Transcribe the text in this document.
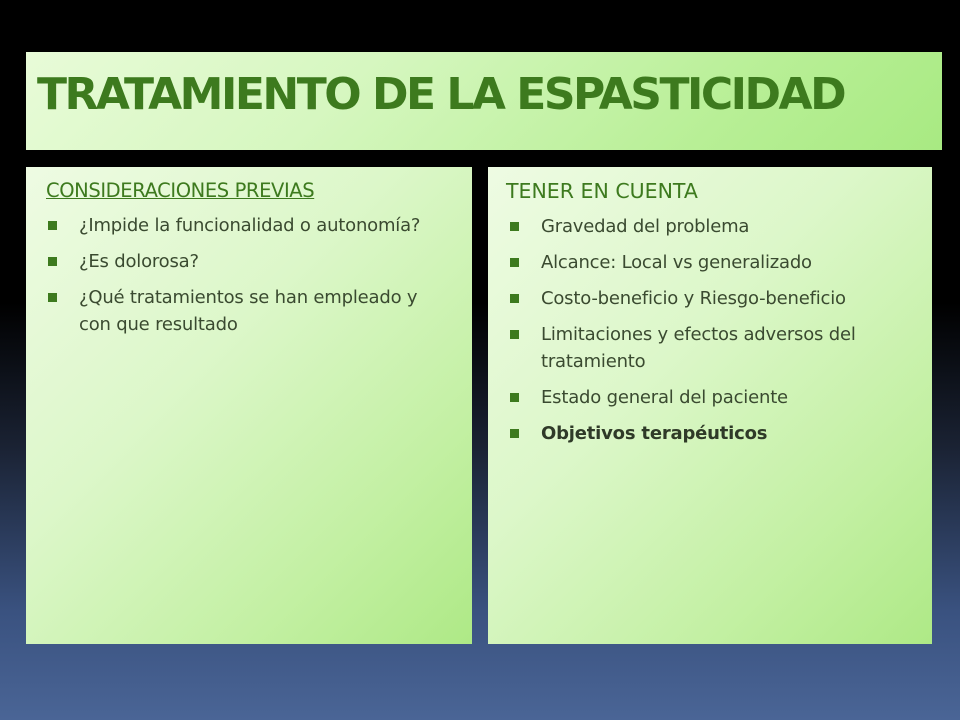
TRATAMIENTO DE LA ESPASTICIDAD
CONSIDERACIONES PREVIAS
¿Impide la funcionalidad o autonomía?
¿Es dolorosa?
¿Qué tratamientos se han empleado y con que resultado
TENER EN CUENTA
Gravedad del problema
Alcance: Local vs generalizado
Costo-beneficio y Riesgo-beneficio
Limitaciones y efectos adversos del tratamiento
Estado general del paciente
Objetivos terapéuticos
